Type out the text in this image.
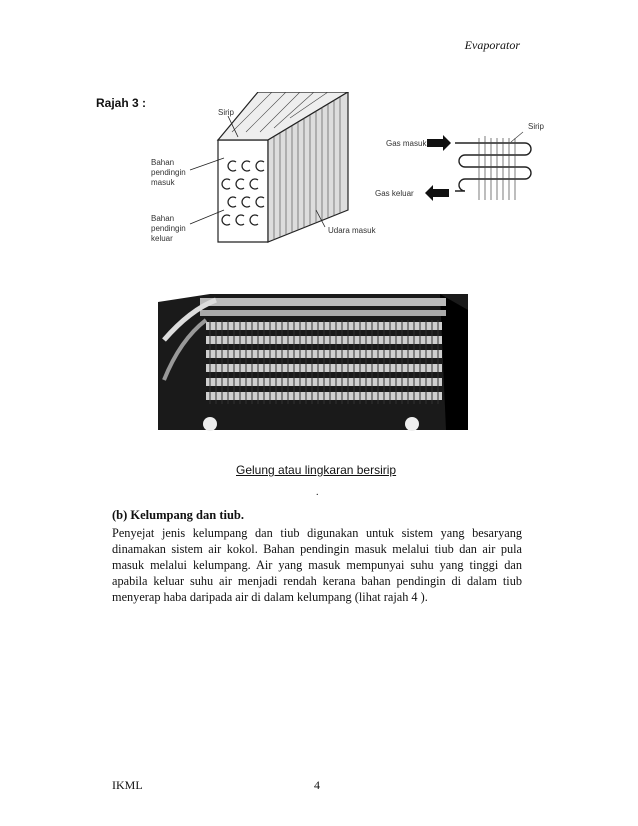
Evaporator
Rajah 3 :
Sirip
Bahan
pendingin
masuk
Bahan
pendingin
keluar
Udara masuk
Sirip
Gas masuk
Gas keluar
Gelung atau lingkaran bersirip
.
(b) Kelumpang dan tiub.
Penyejat jenis kelumpang dan tiub digunakan untuk sistem yang besaryang dinamakan sistem air kokol. Bahan pendingin masuk melalui tiub dan air pula masuk melalui kelumpang. Air yang masuk mempunyai suhu yang tinggi dan apabila keluar suhu air menjadi rendah kerana bahan pendingin di dalam tiub menyerap haba daripada air di dalam kelumpang (lihat rajah 4 ).
IKML	4
